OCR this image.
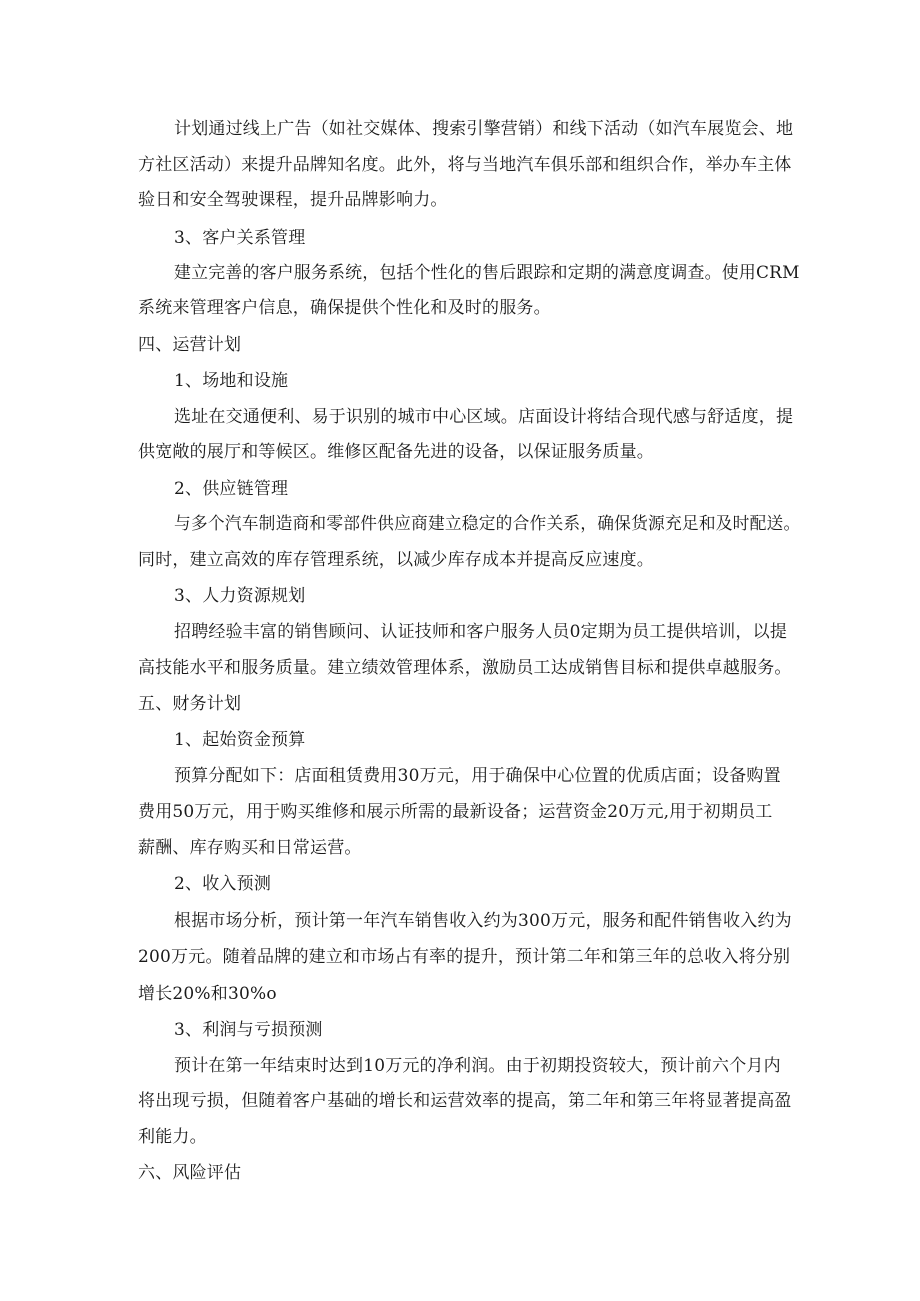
计划通过线上广告（如社交媒体、搜索引擎营销）和线下活动（如汽车展览会、地
方社区活动）来提升品牌知名度。此外，将与当地汽车俱乐部和组织合作，举办车主体
验日和安全驾驶课程，提升品牌影响力。
3、客户关系管理
建立完善的客户服务系统，包括个性化的售后跟踪和定期的满意度调查。使用CRM
系统来管理客户信息，确保提供个性化和及时的服务。
四、运营计划
1、场地和设施
选址在交通便利、易于识别的城市中心区域。店面设计将结合现代感与舒适度，提
供宽敞的展厅和等候区。维修区配备先进的设备，以保证服务质量。
2、供应链管理
与多个汽车制造商和零部件供应商建立稳定的合作关系，确保货源充足和及时配送。
同时，建立高效的库存管理系统，以减少库存成本并提高反应速度。
3、人力资源规划
招聘经验丰富的销售顾问、认证技师和客户服务人员0定期为员工提供培训，以提
高技能水平和服务质量。建立绩效管理体系，激励员工达成销售目标和提供卓越服务。
五、财务计划
1、起始资金预算
预算分配如下：店面租赁费用30万元，用于确保中心位置的优质店面；设备购置
费用50万元，用于购买维修和展示所需的最新设备；运营资金20万元,用于初期员工
薪酬、库存购买和日常运营。
2、收入预测
根据市场分析，预计第一年汽车销售收入约为300万元，服务和配件销售收入约为
200万元。随着品牌的建立和市场占有率的提升，预计第二年和第三年的总收入将分别
增长20%和30%o
3、利润与亏损预测
预计在第一年结束时达到10万元的净利润。由于初期投资较大，预计前六个月内
将出现亏损，但随着客户基础的增长和运营效率的提高，第二年和第三年将显著提高盈
利能力。
六、风险评估
